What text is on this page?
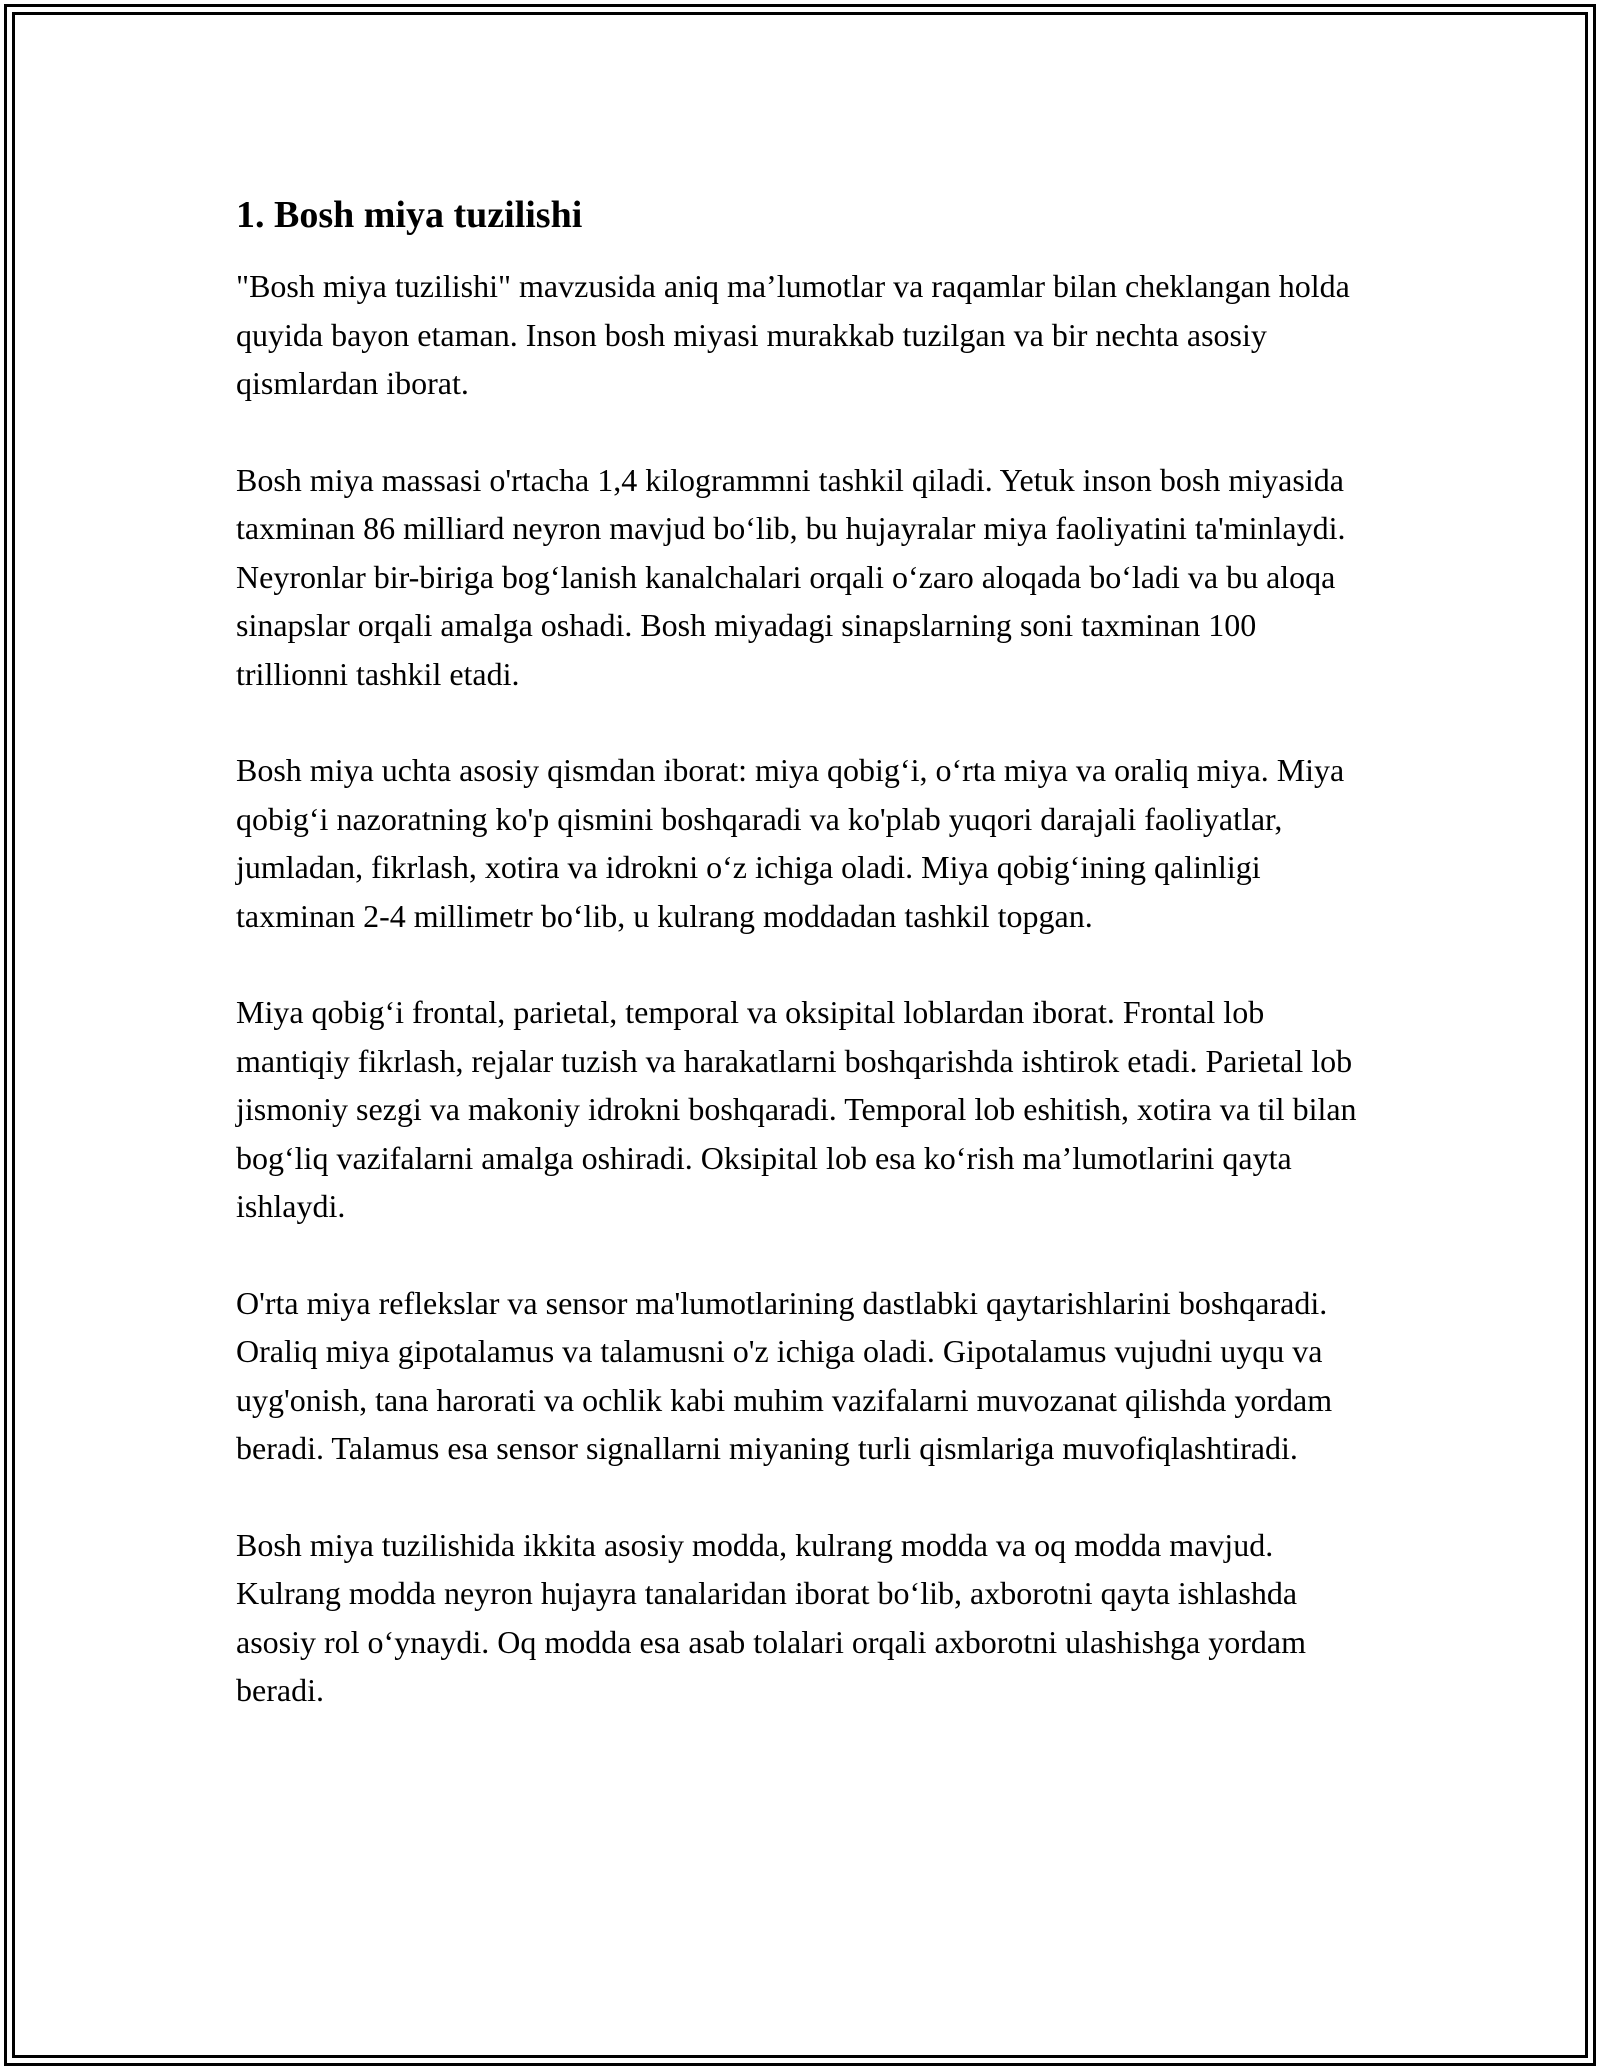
1. Bosh miya tuzilishi

"Bosh miya tuzilishi" mavzusida aniq ma’lumotlar va raqamlar bilan cheklangan holda quyida bayon etaman. Inson bosh miyasi murakkab tuzilgan va bir nechta asosiy qismlardan iborat.

Bosh miya massasi o'rtacha 1,4 kilogrammni tashkil qiladi. Yetuk inson bosh miyasida taxminan 86 milliard neyron mavjud bo‘lib, bu hujayralar miya faoliyatini ta'minlaydi. Neyronlar bir-biriga bog‘lanish kanalchalari orqali o‘zaro aloqada bo‘ladi va bu aloqa sinapslar orqali amalga oshadi. Bosh miyadagi sinapslarning soni taxminan 100 trillionni tashkil etadi.

Bosh miya uchta asosiy qismdan iborat: miya qobig‘i, o‘rta miya va oraliq miya. Miya qobig‘i nazoratning ko'p qismini boshqaradi va ko'plab yuqori darajali faoliyatlar, jumladan, fikrlash, xotira va idrokni o‘z ichiga oladi. Miya qobig‘ining qalinligi taxminan 2-4 millimetr bo‘lib, u kulrang moddadan tashkil topgan.

Miya qobig‘i frontal, parietal, temporal va oksipital loblardan iborat. Frontal lob mantiqiy fikrlash, rejalar tuzish va harakatlarni boshqarishda ishtirok etadi. Parietal lob jismoniy sezgi va makoniy idrokni boshqaradi. Temporal lob eshitish, xotira va til bilan bog‘liq vazifalarni amalga oshiradi. Oksipital lob esa ko‘rish ma’lumotlarini qayta ishlaydi.

O'rta miya reflekslar va sensor ma'lumotlarining dastlabki qaytarishlarini boshqaradi. Oraliq miya gipotalamus va talamusni o'z ichiga oladi. Gipotalamus vujudni uyqu va uyg'onish, tana harorati va ochlik kabi muhim vazifalarni muvozanat qilishda yordam beradi. Talamus esa sensor signallarni miyaning turli qismlariga muvofiqlashtiradi.

Bosh miya tuzilishida ikkita asosiy modda, kulrang modda va oq modda mavjud. Kulrang modda neyron hujayra tanalaridan iborat bo‘lib, axborotni qayta ishlashda asosiy rol o‘ynaydi. Oq modda esa asab tolalari orqali axborotni ulashishga yordam beradi.
